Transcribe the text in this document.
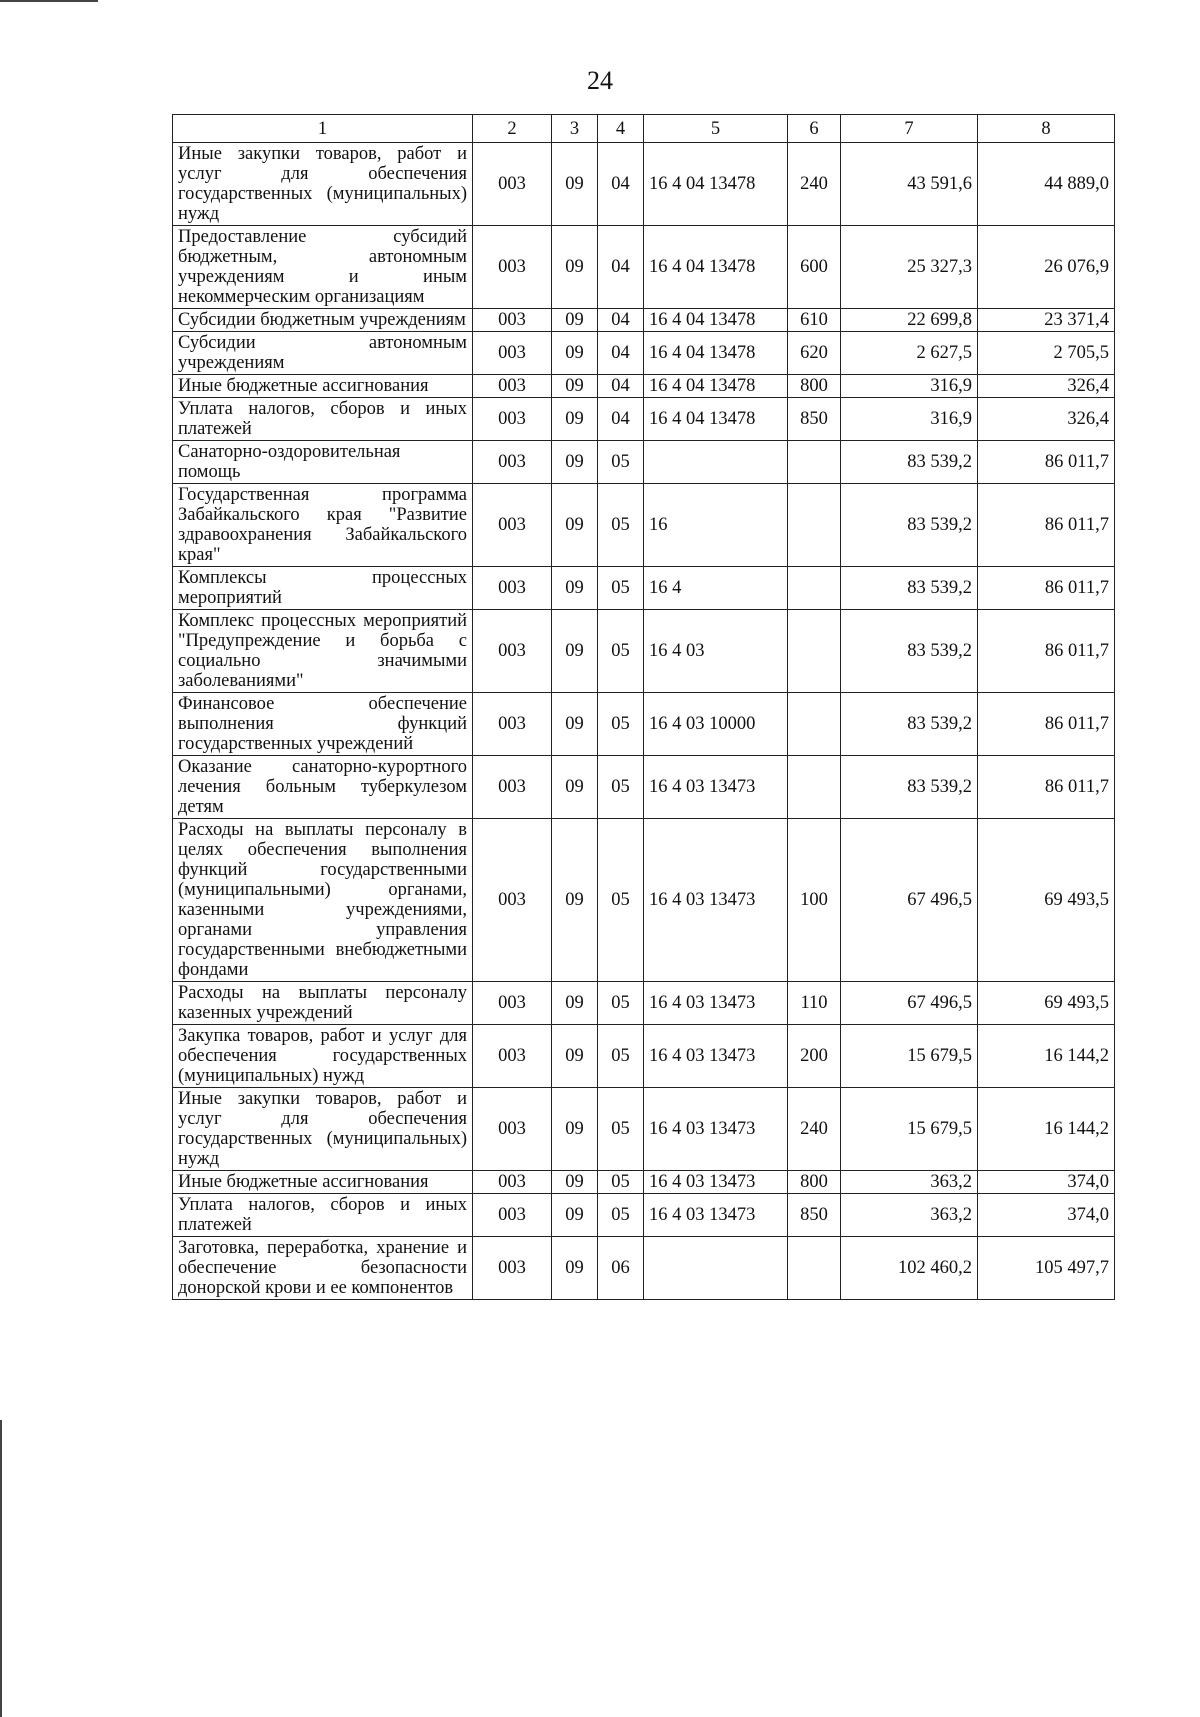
24
1	2	3	4	5	6	7	8
Иные закупки товаров, работ и услуг для обеспечения государственных (муниципальных) нужд	003	09	04	16 4 04 13478	240	43 591,6	44 889,0
Предоставление субсидий бюджетным, автономным учреждениям и иным некоммерческим организациям	003	09	04	16 4 04 13478	600	25 327,3	26 076,9
Субсидии бюджетным учреждениям	003	09	04	16 4 04 13478	610	22 699,8	23 371,4
Субсидии автономным учреждениям	003	09	04	16 4 04 13478	620	2 627,5	2 705,5
Иные бюджетные ассигнования	003	09	04	16 4 04 13478	800	316,9	326,4
Уплата налогов, сборов и иных платежей	003	09	04	16 4 04 13478	850	316,9	326,4
Санаторно-оздоровительная помощь	003	09	05			83 539,2	86 011,7
Государственная программа Забайкальского края "Развитие здравоохранения Забайкальского края"	003	09	05	16		83 539,2	86 011,7
Комплексы процессных мероприятий	003	09	05	16 4		83 539,2	86 011,7
Комплекс процессных мероприятий "Предупреждение и борьба с социально значимыми заболеваниями"	003	09	05	16 4 03		83 539,2	86 011,7
Финансовое обеспечение выполнения функций государственных учреждений	003	09	05	16 4 03 10000		83 539,2	86 011,7
Оказание санаторно-курортного лечения больным туберкулезом детям	003	09	05	16 4 03 13473		83 539,2	86 011,7
Расходы на выплаты персоналу в целях обеспечения выполнения функций государственными (муниципальными) органами, казенными учреждениями, органами управления государственными внебюджетными фондами	003	09	05	16 4 03 13473	100	67 496,5	69 493,5
Расходы на выплаты персоналу казенных учреждений	003	09	05	16 4 03 13473	110	67 496,5	69 493,5
Закупка товаров, работ и услуг для обеспечения государственных (муниципальных) нужд	003	09	05	16 4 03 13473	200	15 679,5	16 144,2
Иные закупки товаров, работ и услуг для обеспечения государственных (муниципальных) нужд	003	09	05	16 4 03 13473	240	15 679,5	16 144,2
Иные бюджетные ассигнования	003	09	05	16 4 03 13473	800	363,2	374,0
Уплата налогов, сборов и иных платежей	003	09	05	16 4 03 13473	850	363,2	374,0
Заготовка, переработка, хранение и обеспечение безопасности донорской крови и ее компонентов	003	09	06			102 460,2	105 497,7
